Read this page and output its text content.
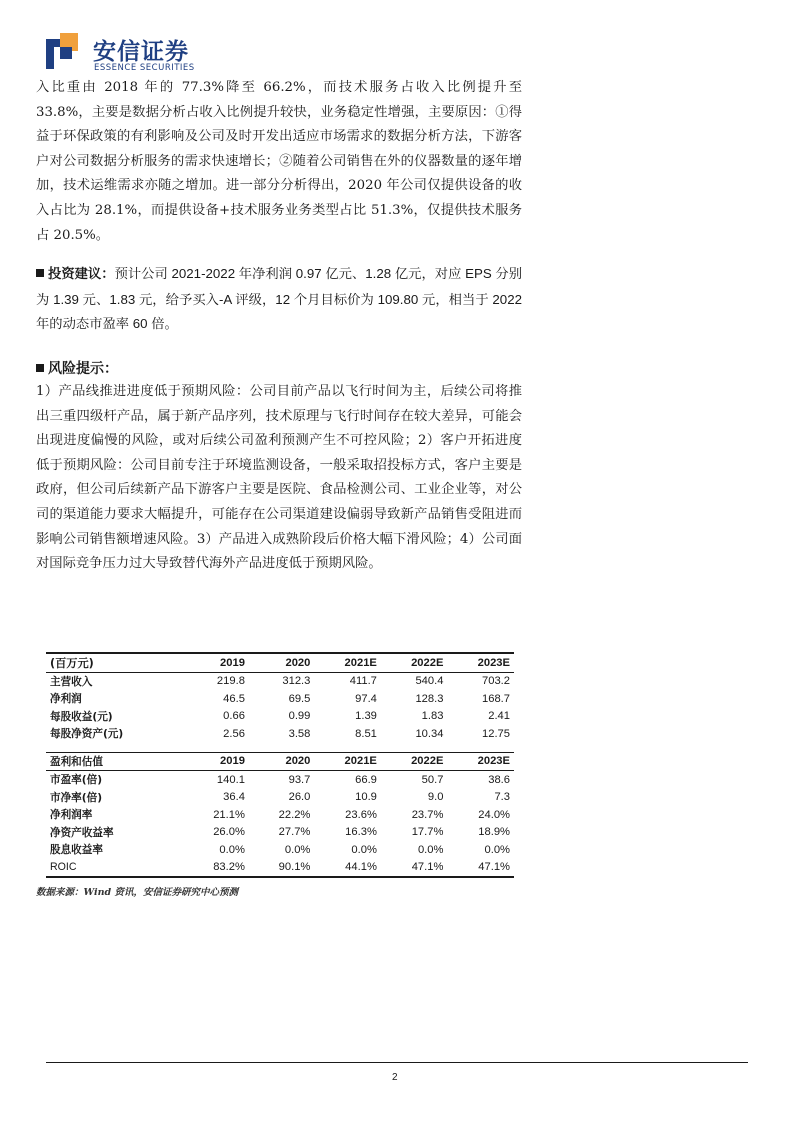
安信证券
ESSENCE SECURITIES
入比重由 2018 年的 77.3%降至 66.2%，而技术服务占收入比例提升至 33.8%，主要是数据分析占收入比例提升较快，业务稳定性增强，主要原因：①得益于环保政策的有利影响及公司及时开发出适应市场需求的数据分析方法，下游客户对公司数据分析服务的需求快速增长；②随着公司销售在外的仪器数量的逐年增加，技术运维需求亦随之增加。进一部分分析得出，2020 年公司仅提供设备的收入占比为 28.1%，而提供设备+技术服务业务类型占比 51.3%，仅提供技术服务占 20.5%。
投资建议：预计公司 2021-2022 年净利润 0.97 亿元、1.28 亿元，对应 EPS 分别为 1.39 元、1.83 元，给予买入-A 评级，12 个月目标价为 109.80 元，相当于 2022 年的动态市盈率 60 倍。
风险提示：
1）产品线推进进度低于预期风险：公司目前产品以飞行时间为主，后续公司将推出三重四级杆产品，属于新产品序列，技术原理与飞行时间存在较大差异，可能会出现进度偏慢的风险，或对后续公司盈利预测产生不可控风险；2）客户开拓进度低于预期风险：公司目前专注于环境监测设备，一般采取招投标方式，客户主要是政府，但公司后续新产品下游客户主要是医院、食品检测公司、工业企业等，对公司的渠道能力要求大幅提升，可能存在公司渠道建设偏弱导致新产品销售受阻进而影响公司销售额增速风险。3）产品进入成熟阶段后价格大幅下滑风险；4）公司面对国际竞争压力过大导致替代海外产品进度低于预期风险。
(百万元)	2019	2020	2021E	2022E	2023E
主营收入	219.8	312.3	411.7	540.4	703.2
净利润	46.5	69.5	97.4	128.3	168.7
每股收益(元)	0.66	0.99	1.39	1.83	2.41
每股净资产(元)	2.56	3.58	8.51	10.34	12.75

盈利和估值	2019	2020	2021E	2022E	2023E
市盈率(倍)	140.1	93.7	66.9	50.7	38.6
市净率(倍)	36.4	26.0	10.9	9.0	7.3
净利润率	21.1%	22.2%	23.6%	23.7%	24.0%
净资产收益率	26.0%	27.7%	16.3%	17.7%	18.9%
股息收益率	0.0%	0.0%	0.0%	0.0%	0.0%
ROIC	83.2%	90.1%	44.1%	47.1%	47.1%
数据来源：Wind 资讯，安信证券研究中心预测
2
